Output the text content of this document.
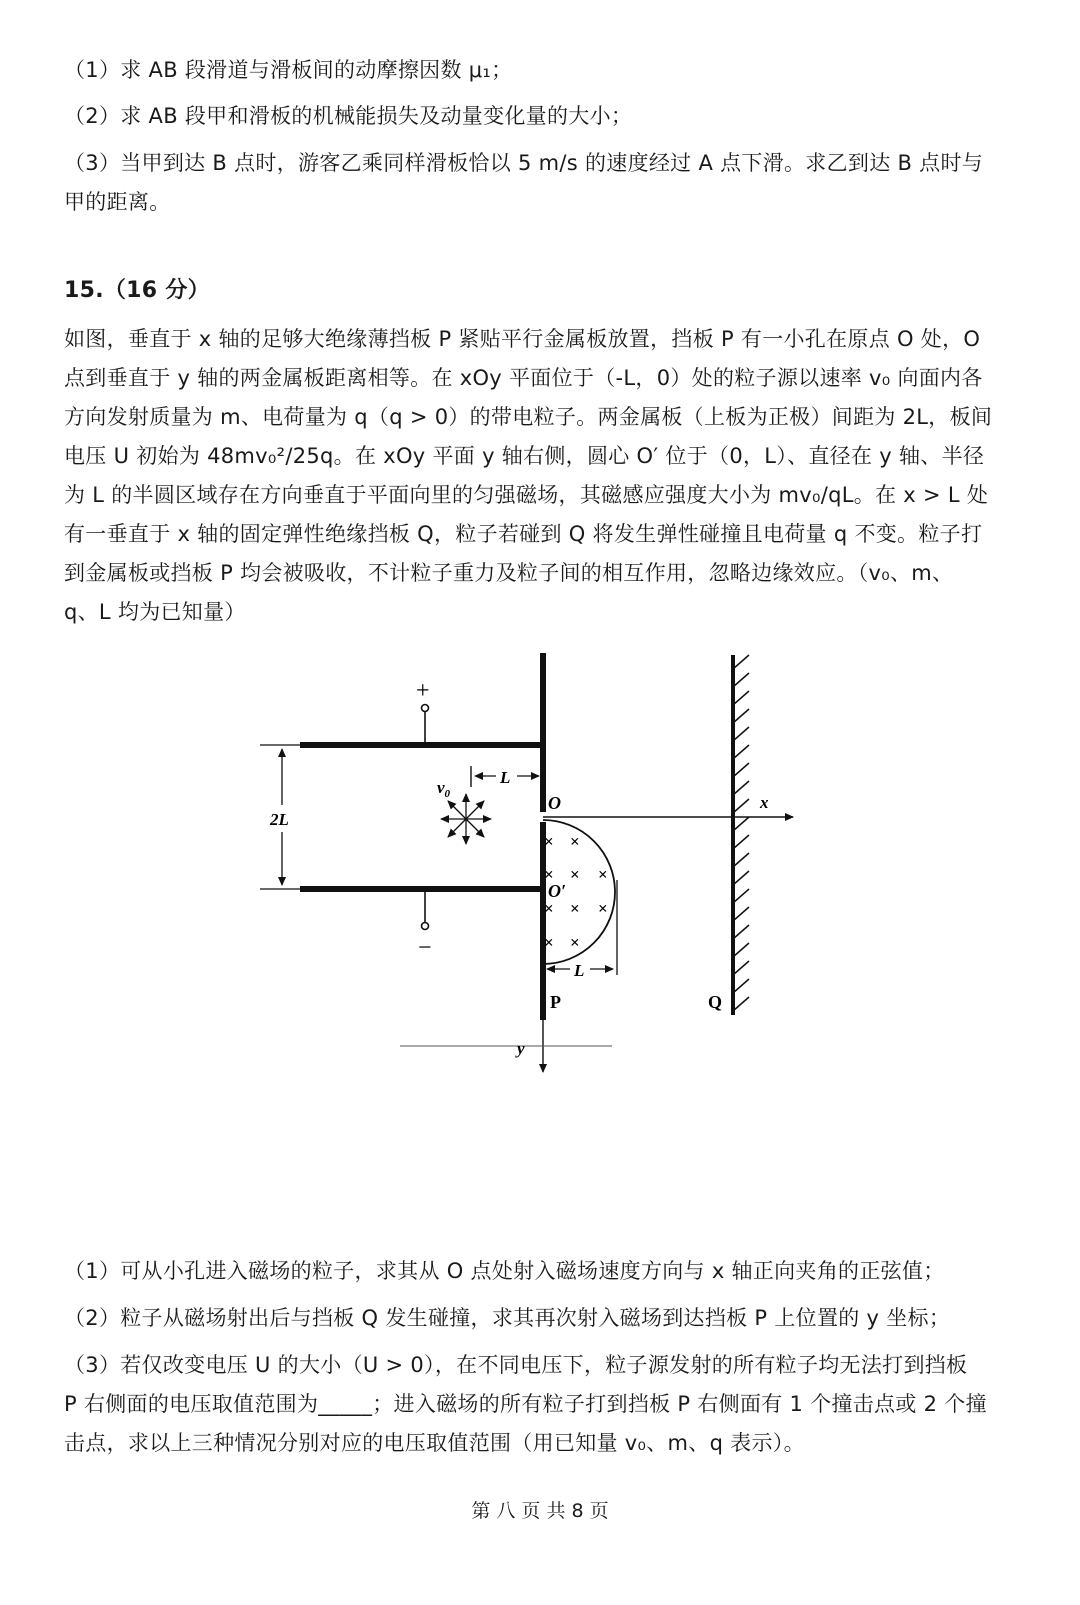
（1）求 AB 段滑道与滑板间的动摩擦因数 μ₁；
（2）求 AB 段甲和滑板的机械能损失及动量变化量的大小；
（3）当甲到达 B 点时，游客乙乘同样滑板恰以 5 m/s 的速度经过 A 点下滑。求乙到达 B 点时与
甲的距离。
15.（16 分）
如图，垂直于 x 轴的足够大绝缘薄挡板 P 紧贴平行金属板放置，挡板 P 有一小孔在原点 O 处，O
点到垂直于 y 轴的两金属板距离相等。在 xOy 平面位于（-L，0）处的粒子源以速率 v₀ 向面内各
方向发射质量为 m、电荷量为 q（q > 0）的带电粒子。两金属板（上板为正极）间距为 2L，板间
电压 U 初始为 48mv₀²/25q。在 xOy 平面 y 轴右侧，圆心 O′ 位于（0，L）、直径在 y 轴、半径
为 L 的半圆区域存在方向垂直于平面向里的匀强磁场，其磁感应强度大小为 mv₀/qL。在 x > L 处
有一垂直于 x 轴的固定弹性绝缘挡板 Q，粒子若碰到 Q 将发生弹性碰撞且电荷量 q 不变。粒子打
到金属板或挡板 P 均会被吸收，不计粒子重力及粒子间的相互作用，忽略边缘效应。（v₀、m、
q、L 均为已知量）
+
−
2L
P
x
y
O
O′
L
$v_0$
× ×
× × ×
× × ×
× ×
L
Q
（1）可从小孔进入磁场的粒子，求其从 O 点处射入磁场速度方向与 x 轴正向夹角的正弦值；
（2）粒子从磁场射出后与挡板 Q 发生碰撞，求其再次射入磁场到达挡板 P 上位置的 y 坐标；
（3）若仅改变电压 U 的大小（U > 0），在不同电压下，粒子源发射的所有粒子均无法打到挡板
P 右侧面的电压取值范围为_____；进入磁场的所有粒子打到挡板 P 右侧面有 1 个撞击点或 2 个撞
击点，求以上三种情况分别对应的电压取值范围（用已知量 v₀、m、q 表示）。
第 八 页 共 8 页
